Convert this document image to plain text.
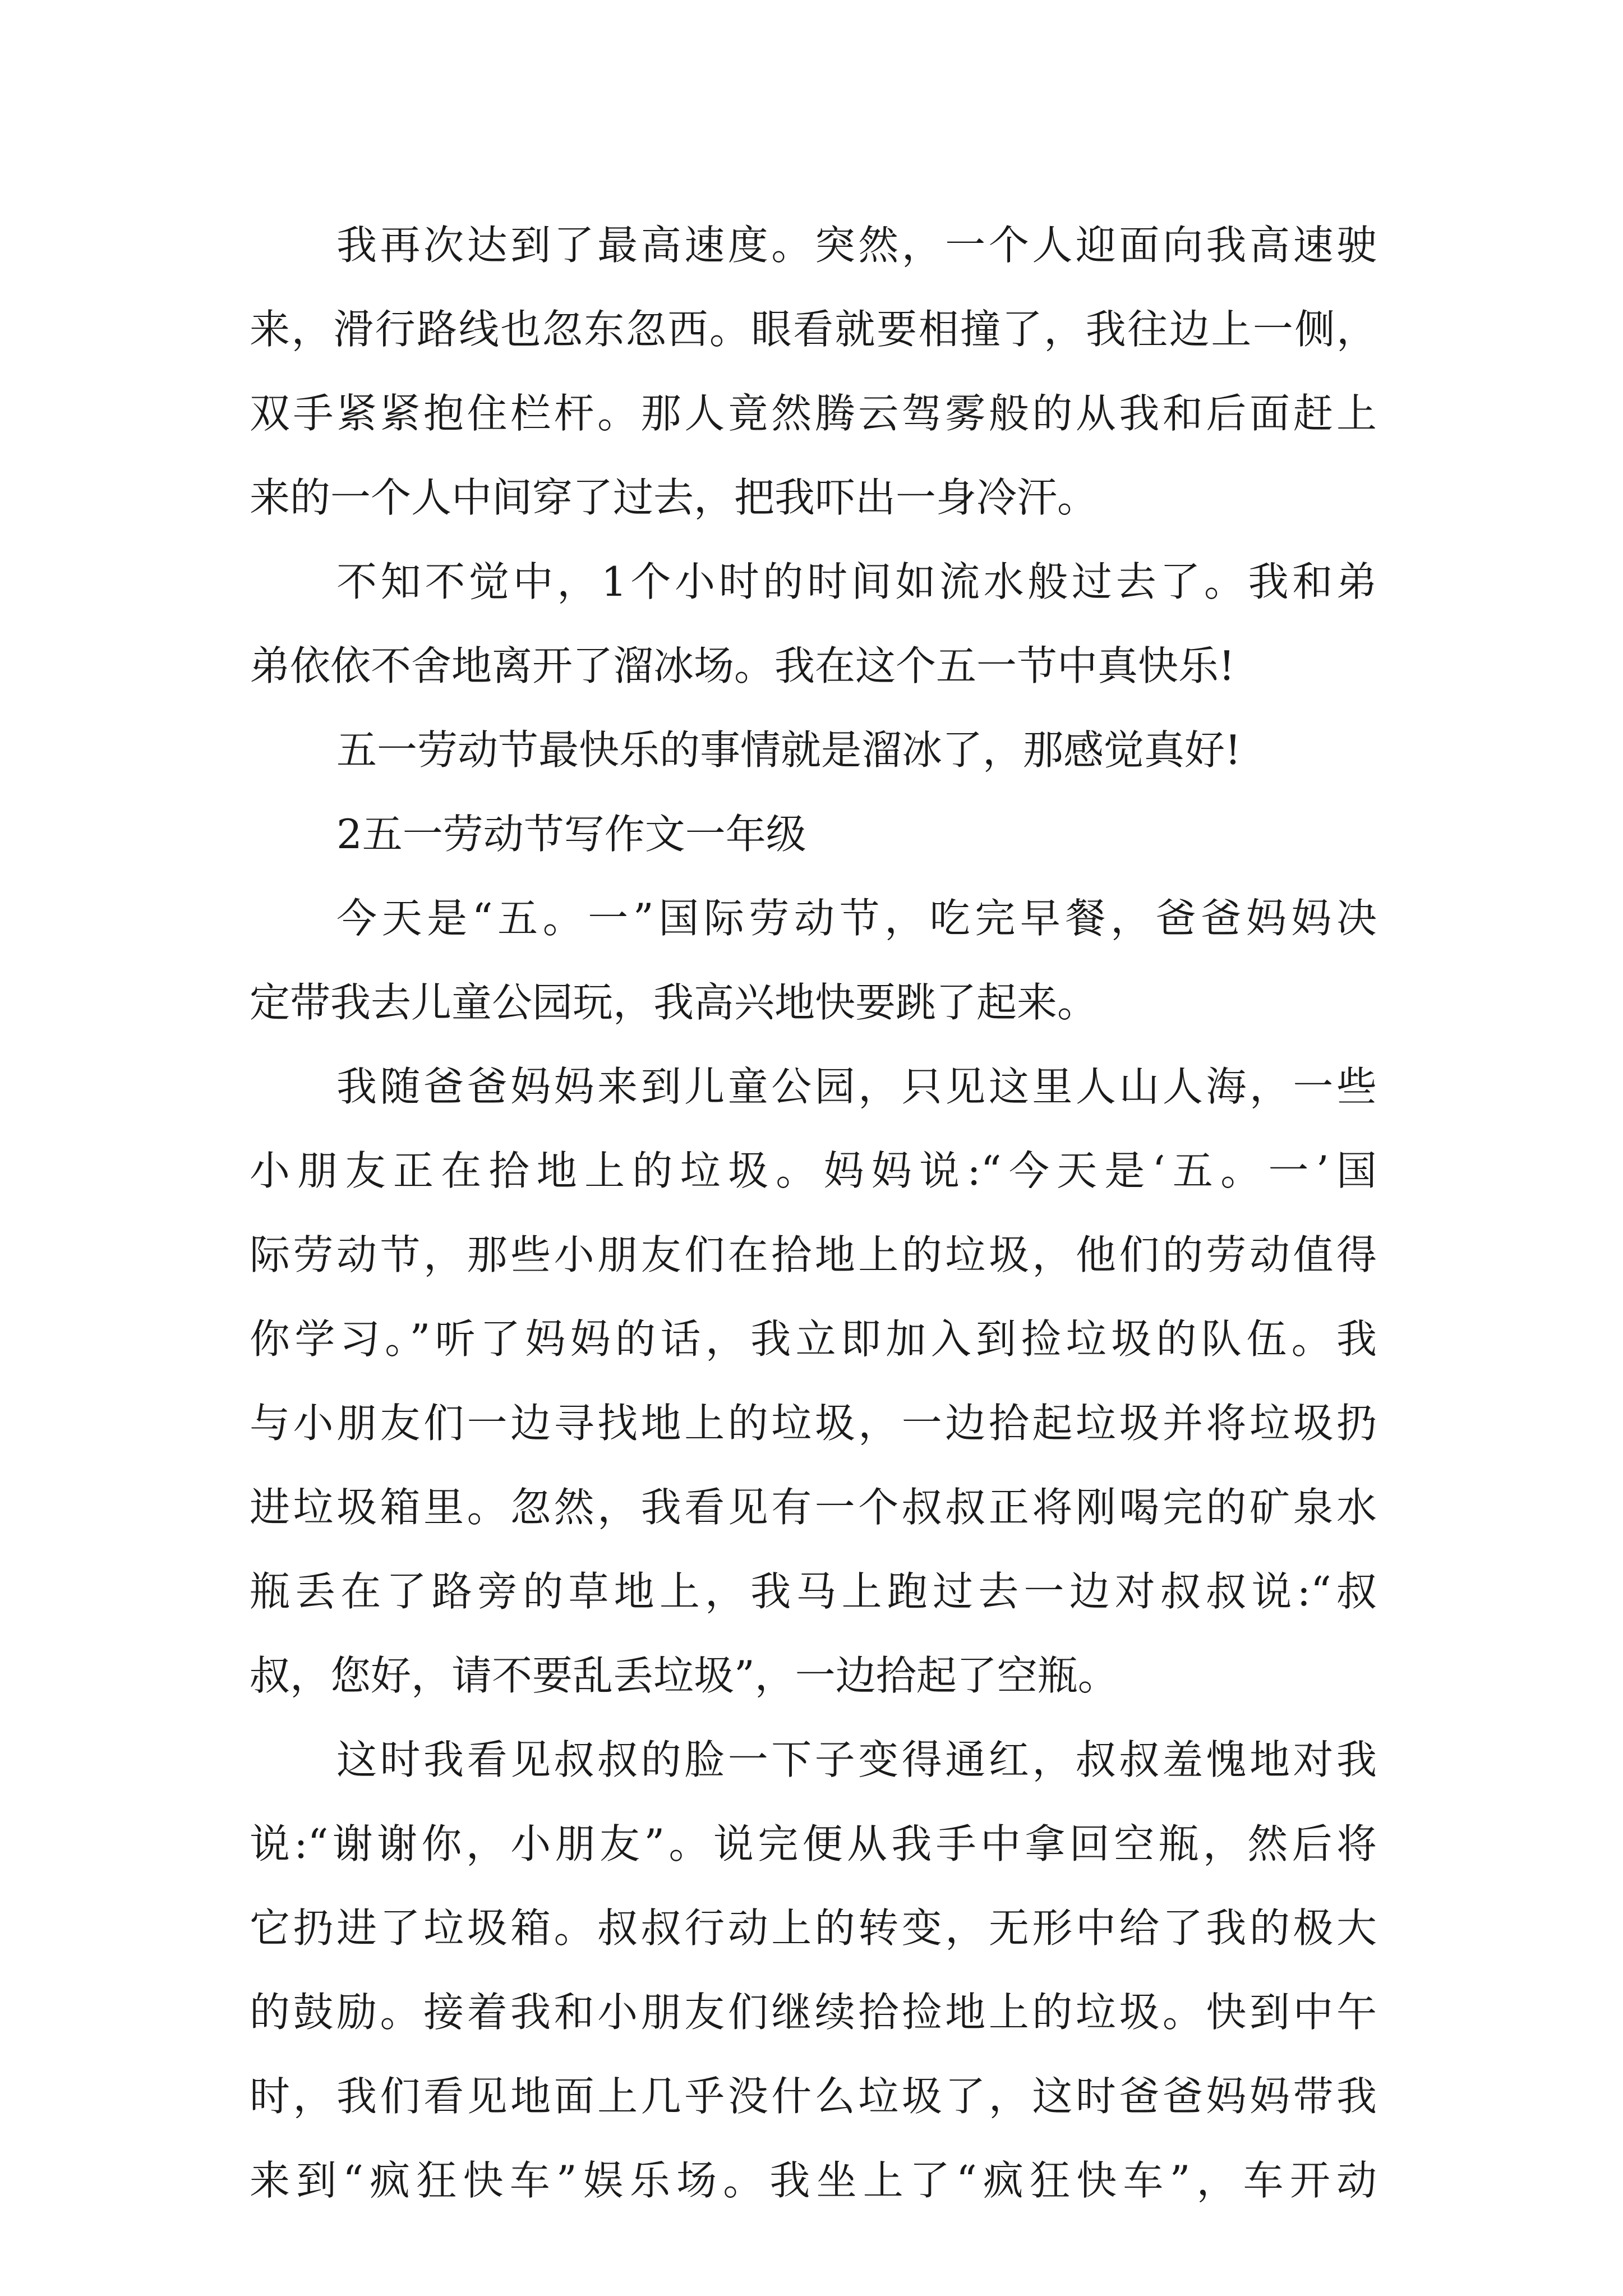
我再次达到了最高速度。突然，一个人迎面向我高速驶
来，滑行路线也忽东忽西。眼看就要相撞了，我往边上一侧，
双手紧紧抱住栏杆。那人竟然腾云驾雾般的从我和后面赶上
来的一个人中间穿了过去，把我吓出一身冷汗。
不知不觉中，1个小时的时间如流水般过去了。我和弟
弟依依不舍地离开了溜冰场。我在这个五一节中真快乐!
五一劳动节最快乐的事情就是溜冰了，那感觉真好!
2五一劳动节写作文一年级
今天是“五。一”国际劳动节，吃完早餐，爸爸妈妈决
定带我去儿童公园玩，我高兴地快要跳了起来。
我随爸爸妈妈来到儿童公园，只见这里人山人海，一些
小朋友正在拾地上的垃圾。妈妈说:“今天是‘五。一’国
际劳动节，那些小朋友们在拾地上的垃圾，他们的劳动值得
你学习。”听了妈妈的话，我立即加入到捡垃圾的队伍。我
与小朋友们一边寻找地上的垃圾，一边拾起垃圾并将垃圾扔
进垃圾箱里。忽然，我看见有一个叔叔正将刚喝完的矿泉水
瓶丢在了路旁的草地上，我马上跑过去一边对叔叔说:“叔
叔，您好，请不要乱丢垃圾”，一边拾起了空瓶。
这时我看见叔叔的脸一下子变得通红，叔叔羞愧地对我
说:“谢谢你，小朋友”。说完便从我手中拿回空瓶，然后将
它扔进了垃圾箱。叔叔行动上的转变，无形中给了我的极大
的鼓励。接着我和小朋友们继续拾捡地上的垃圾。快到中午
时，我们看见地面上几乎没什么垃圾了，这时爸爸妈妈带我
来到“疯狂快车”娱乐场。我坐上了“疯狂快车”，车开动
